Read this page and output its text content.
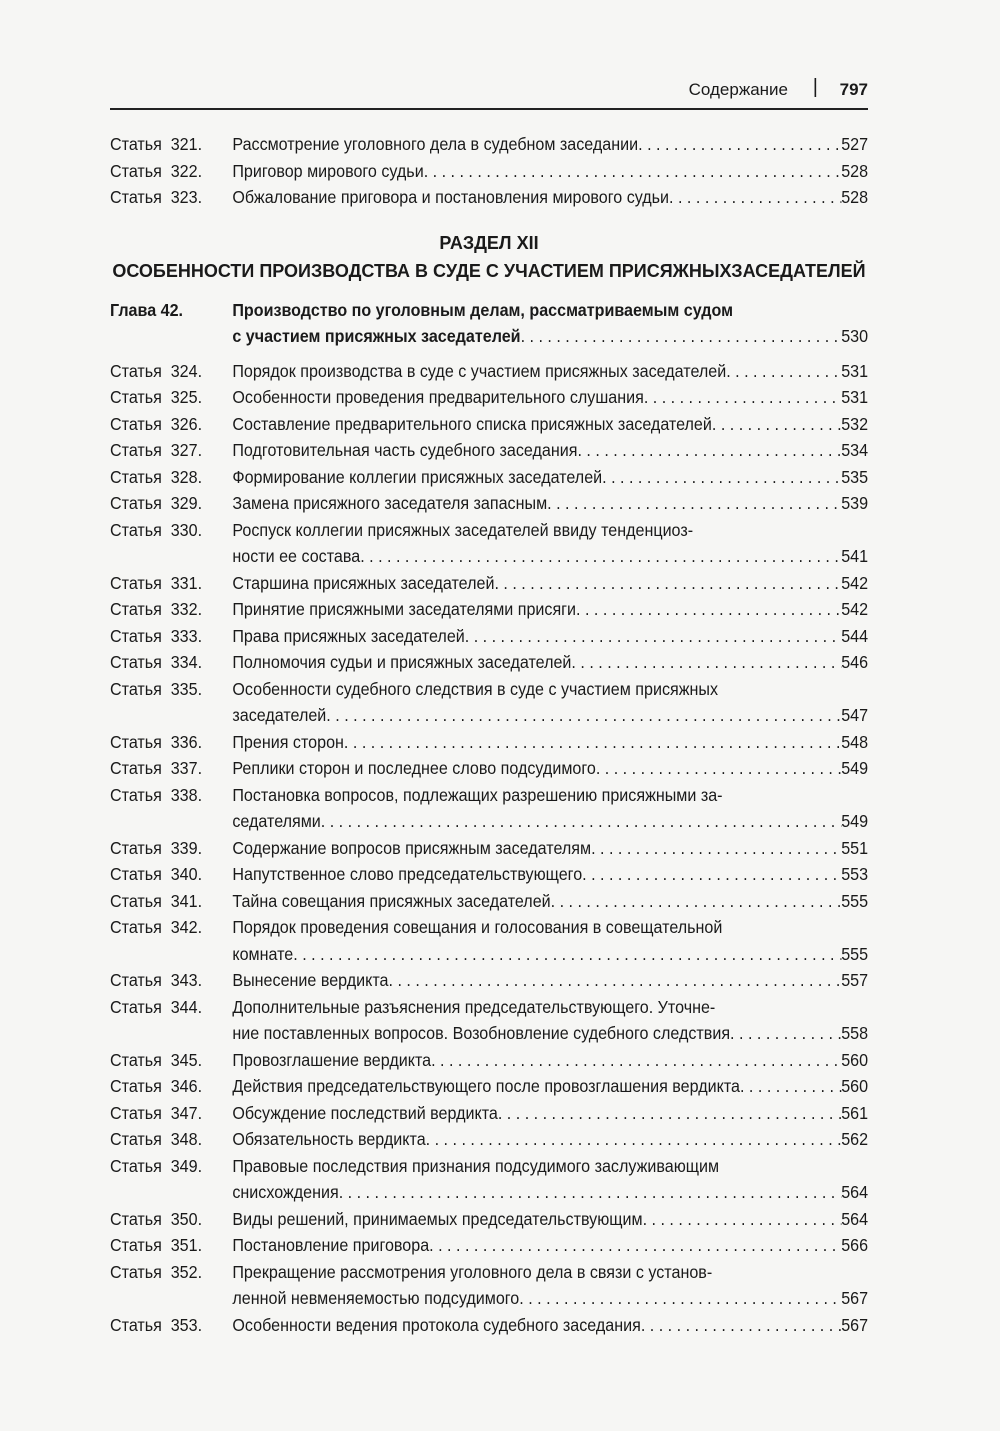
Содержание | 797
Статья 321.	Рассмотрение уголовного дела в судебном заседании . . .	527
Статья 322.	Приговор мирового судьи . . .	528
Статья 323.	Обжалование приговора и постановления мирового судьи . . .	528
РАЗДЕЛ XII
ОСОБЕННОСТИ ПРОИЗВОДСТВА В СУДЕ С УЧАСТИЕМ ПРИСЯЖНЫХЗАСЕДАТЕЛЕЙ
Глава 42.	Производство по уголовным делам, рассматриваемым судом
с участием присяжных заседателей . . .	530
Статья 324.	Порядок производства в суде с участием присяжных заседателей . . .	531
Статья 325.	Особенности проведения предварительного слушания . . .	531
Статья 326.	Составление предварительного списка присяжных заседателей . . .	532
Статья 327.	Подготовительная часть судебного заседания . . .	534
Статья 328.	Формирование коллегии присяжных заседателей . . .	535
Статья 329.	Замена присяжного заседателя запасным . . .	539
Статья 330.	Роспуск коллегии присяжных заседателей ввиду тенденциоз-
ности ее состава . . .	541
Статья 331.	Старшина присяжных заседателей . . .	542
Статья 332.	Принятие присяжными заседателями присяги . . .	542
Статья 333.	Права присяжных заседателей . . .	544
Статья 334.	Полномочия судьи и присяжных заседателей . . .	546
Статья 335.	Особенности судебного следствия в суде с участием присяжных
заседателей . . .	547
Статья 336.	Прения сторон . . .	548
Статья 337.	Реплики сторон и последнее слово подсудимого . . .	549
Статья 338.	Постановка вопросов, подлежащих разрешению присяжными за-
седателями . . .	549
Статья 339.	Содержание вопросов присяжным заседателям . . .	551
Статья 340.	Напутственное слово председательствующего . . .	553
Статья 341.	Тайна совещания присяжных заседателей . . .	555
Статья 342.	Порядок проведения совещания и голосования в совещательной
комнате . . .	555
Статья 343.	Вынесение вердикта . . .	557
Статья 344.	Дополнительные разъяснения председательствующего. Уточне-
ние поставленных вопросов. Возобновление судебного следствия . . .	558
Статья 345.	Провозглашение вердикта . . .	560
Статья 346.	Действия председательствующего после провозглашения вердикта . . .	560
Статья 347.	Обсуждение последствий вердикта . . .	561
Статья 348.	Обязательность вердикта . . .	562
Статья 349.	Правовые последствия признания подсудимого заслуживающим
снисхождения . . .	564
Статья 350.	Виды решений, принимаемых председательствующим . . .	564
Статья 351.	Постановление приговора . . .	566
Статья 352.	Прекращение рассмотрения уголовного дела в связи с установ-
ленной невменяемостью подсудимого . . .	567
Статья 353.	Особенности ведения протокола судебного заседания . . .	567
